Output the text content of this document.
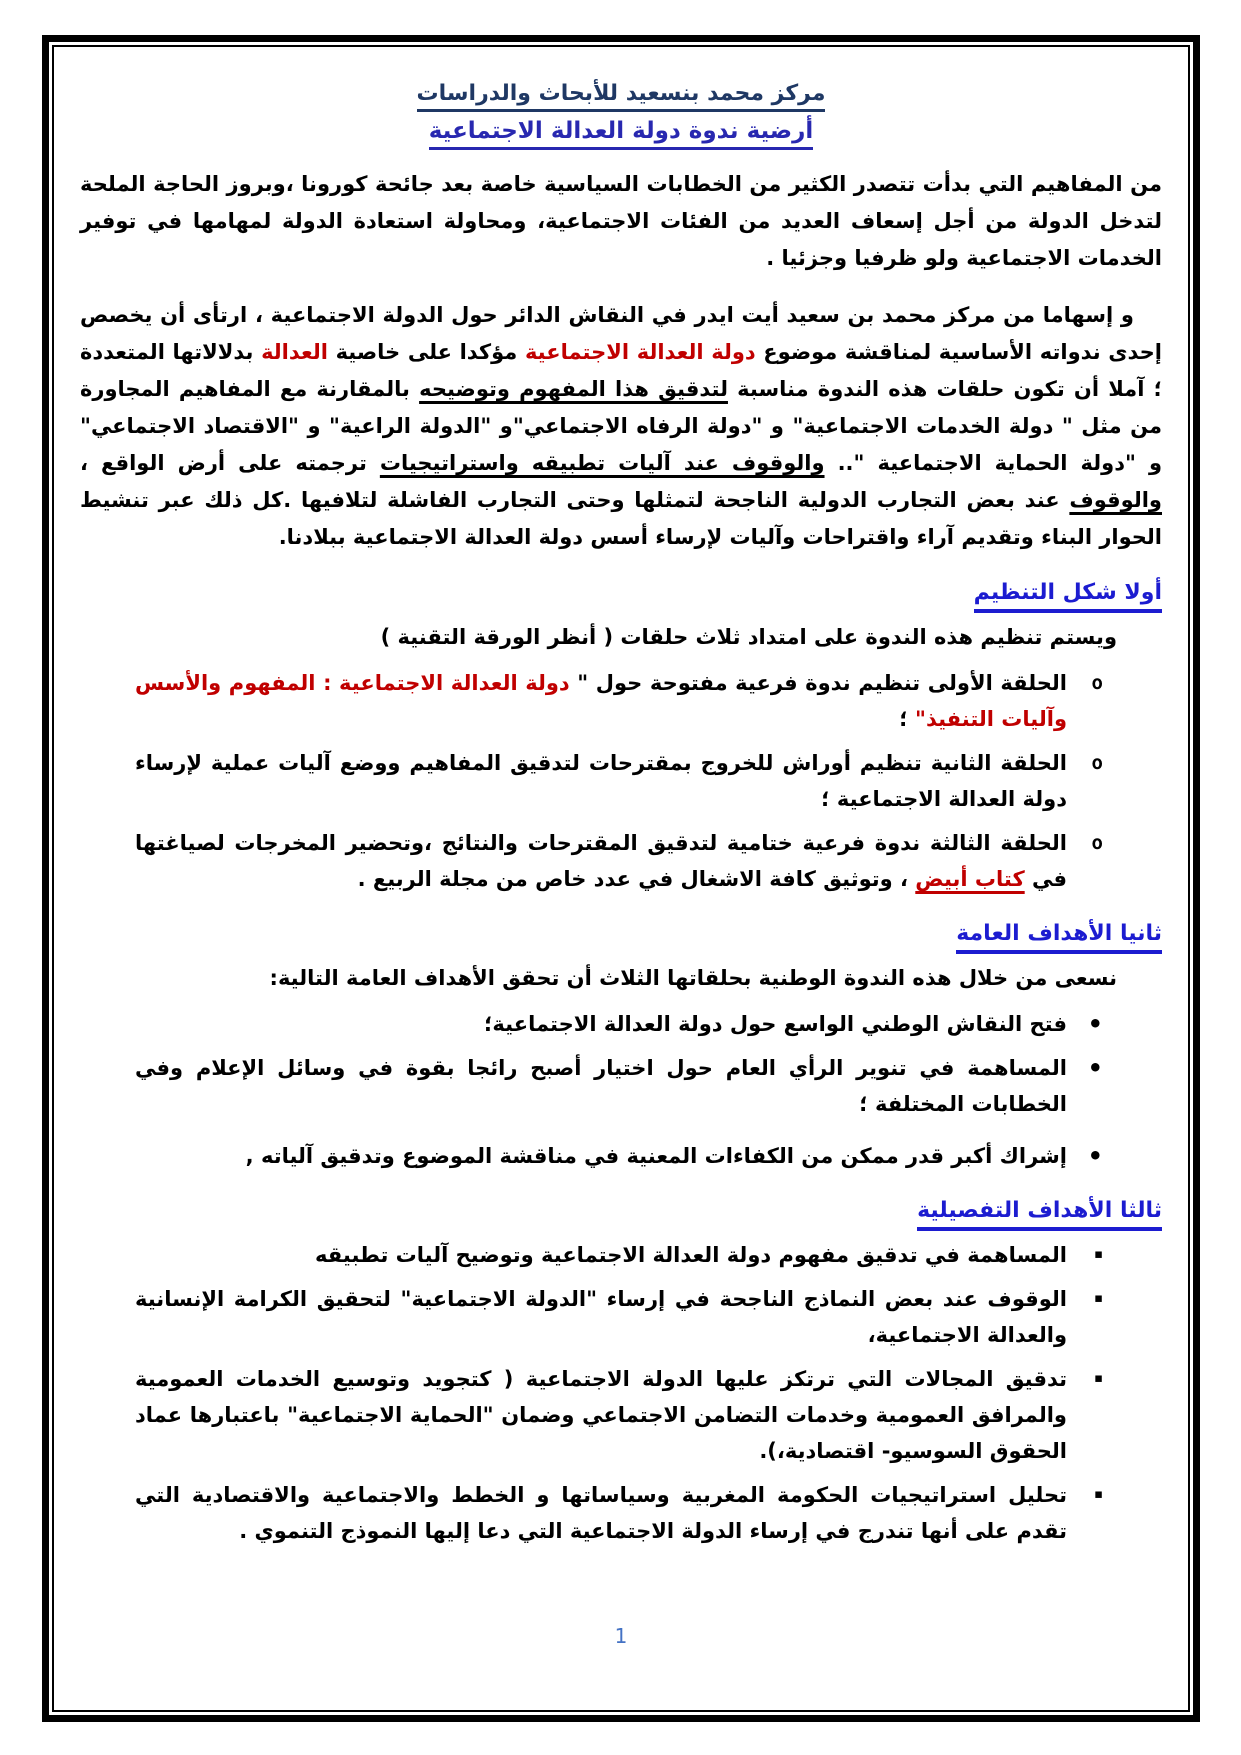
مركز محمد بنسعيد للأبحاث والدراسات
أرضية ندوة دولة العدالة الاجتماعية

من المفاهيم التي بدأت تتصدر الكثير من الخطابات السياسية خاصة بعد جائحة كورونا ،وبروز الحاجة الملحة لتدخل الدولة من أجل إسعاف العديد من الفئات الاجتماعية، ومحاولة استعادة الدولة لمهامها في توفير الخدمات الاجتماعية ولو ظرفيا وجزئيا .

و إسهاما من مركز محمد بن سعيد أيت ايدر في النقاش الدائر حول الدولة الاجتماعية ، ارتأى أن يخصص إحدى ندواته الأساسية لمناقشة موضوع دولة العدالة الاجتماعية مؤكدا على خاصية العدالة بدلالاتها المتعددة ؛ آملا أن تكون حلقات هذه الندوة مناسبة لتدقيق هذا المفهوم وتوضيحه بالمقارنة مع المفاهيم المجاورة من مثل " دولة الخدمات الاجتماعية" و "دولة الرفاه الاجتماعي"و "الدولة الراعية" و "الاقتصاد الاجتماعي" و "دولة الحماية الاجتماعية ".. والوقوف عند آليات تطبيقه واستراتيجيات ترجمته على أرض الواقع ، والوقوف عند بعض التجارب الدولية الناجحة لتمثلها وحتى التجارب الفاشلة لتلافيها .كل ذلك عبر تنشيط الحوار البناء وتقديم آراء واقتراحات وآليات لإرساء أسس دولة العدالة الاجتماعية ببلادنا.

أولا شكل التنظيم

ويستم تنظيم هذه الندوة على امتداد ثلاث حلقات ( أنظر الورقة التقنية )

o
الحلقة الأولى تنظيم ندوة فرعية مفتوحة حول " دولة العدالة الاجتماعية : المفهوم والأسس وآليات التنفيذ" ؛
o
الحلقة الثانية تنظيم أوراش للخروج بمقترحات لتدقيق المفاهيم ووضع آليات عملية لإرساء دولة العدالة الاجتماعية ؛
o
الحلقة الثالثة ندوة فرعية ختامية لتدقيق المقترحات والنتائج ،وتحضير المخرجات لصياغتها في كتاب أبيض ، وتوثيق كافة الاشغال في عدد خاص من مجلة الربيع .
ثانيا الأهداف العامة

نسعى من خلال هذه الندوة الوطنية بحلقاتها الثلاث أن تحقق الأهداف العامة التالية:

•
فتح النقاش الوطني الواسع حول دولة العدالة الاجتماعية؛
•
المساهمة في تنوير الرأي العام حول اختيار أصبح رائجا بقوة في وسائل الإعلام وفي الخطابات المختلفة ؛
•
إشراك أكبر قدر ممكن من الكفاءات المعنية في مناقشة الموضوع وتدقيق آلياته ,
ثالثا الأهداف التفصيلية
▪
المساهمة في تدقيق مفهوم دولة العدالة الاجتماعية وتوضيح آليات تطبيقه
▪
الوقوف عند بعض النماذج الناجحة في إرساء "الدولة الاجتماعية" لتحقيق الكرامة الإنسانية والعدالة الاجتماعية،
▪
تدقيق المجالات التي ترتكز عليها الدولة الاجتماعية ( كتجويد وتوسيع الخدمات العمومية والمرافق العمومية وخدمات التضامن الاجتماعي وضمان "الحماية الاجتماعية" باعتبارها عماد الحقوق السوسيو- اقتصادية،).
▪
تحليل استراتيجيات الحكومة المغربية وسياساتها و الخطط والاجتماعية والاقتصادية التي تقدم على أنها تندرج في إرساء الدولة الاجتماعية التي دعا إليها النموذج التنموي .
1
